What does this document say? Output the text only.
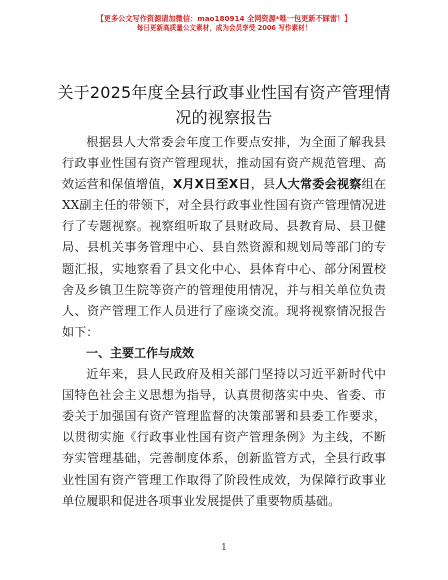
【更多公文写作资源请加微信：mao180914 全网资源*唯一包更新不踩雷！】
每日更新高质量公文素材，成为会员享受 2006 写作素材！
关于2025年度全县行政事业性国有资产管理情况的视察报告

根据县人大常委会年度工作要点安排，为全面了解我县行政事业性国有资产管理现状，推动国有资产规范管理、高效运营和保值增值，X月X日至X日，县人大常委会视察组在XX副主任的带领下，对全县行政事业性国有资产管理情况进行了专题视察。视察组听取了县财政局、县教育局、县卫健局、县机关事务管理中心、县自然资源和规划局等部门的专题汇报，实地察看了县文化中心、县体育中心、部分闲置校舍及乡镇卫生院等资产的管理使用情况，并与相关单位负责人、资产管理工作人员进行了座谈交流。现将视察情况报告如下：

一、主要工作与成效

近年来，县人民政府及相关部门坚持以习近平新时代中国特色社会主义思想为指导，认真贯彻落实中央、省委、市委关于加强国有资产管理监督的决策部署和县委工作要求，以贯彻实施《行政事业性国有资产管理条例》为主线，不断夯实管理基础，完善制度体系，创新监管方式，全县行政事业性国有资产管理工作取得了阶段性成效，为保障行政事业单位履职和促进各项事业发展提供了重要物质基础。

1
